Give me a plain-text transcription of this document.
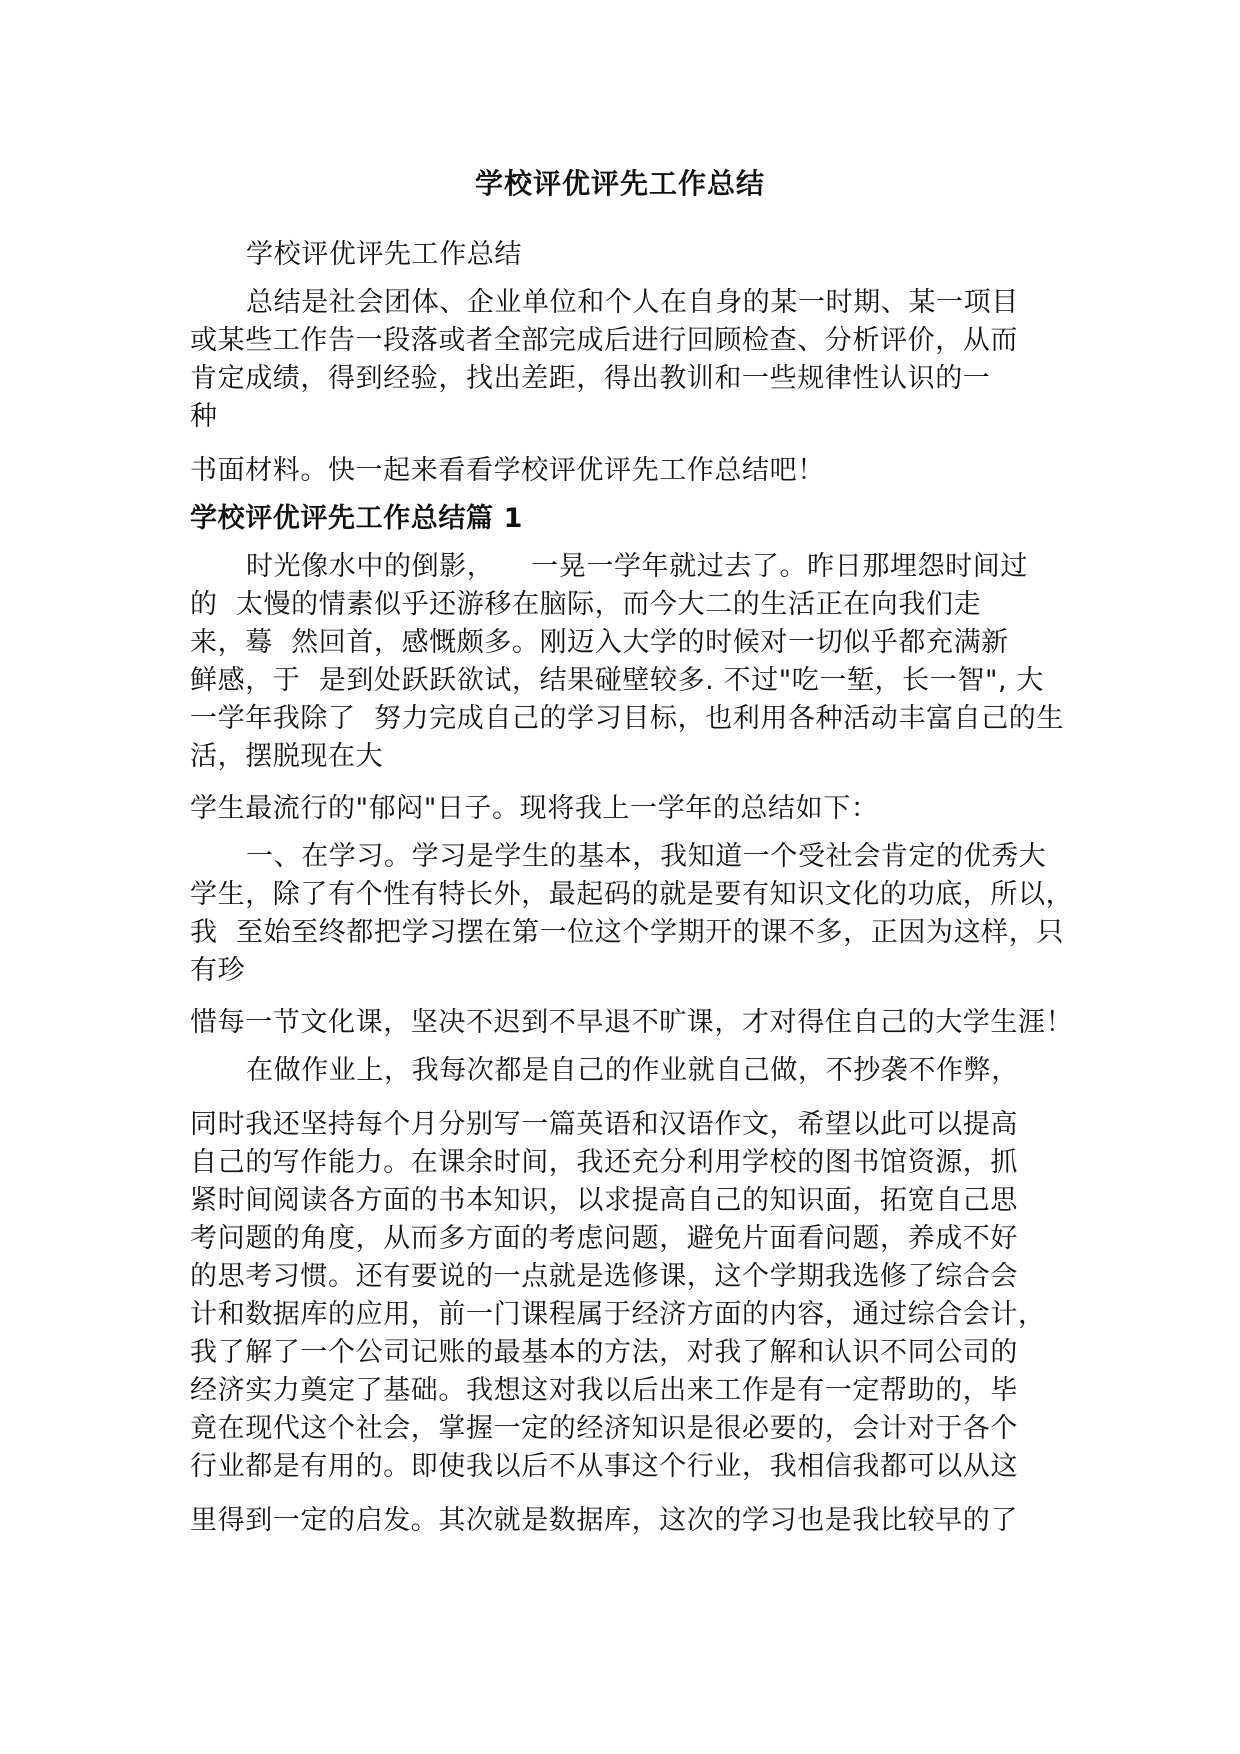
学校评优评先工作总结
学校评优评先工作总结
总结是社会团体、企业单位和个人在自身的某一时期、某一项目
或某些工作告一段落或者全部完成后进行回顾检查、分析评价，从而
肯定成绩，得到经验，找出差距，得出教训和一些规律性认识的一
种
书面材料。快一起来看看学校评优评先工作总结吧！
学校评优评先工作总结篇 1
时光像水中的倒影，    一晃一学年就过去了。昨日那埋怨时间过
的  太慢的情素似乎还游移在脑际，而今大二的生活正在向我们走
来，蓦  然回首，感慨颇多。刚迈入大学的时候对一切似乎都充满新
鲜感，于  是到处跃跃欲试，结果碰壁较多. 不过"吃一堑，长一智", 大
一学年我除了  努力完成自己的学习目标，也利用各种活动丰富自己的生
活，摆脱现在大
学生最流行的"郁闷"日子。现将我上一学年的总结如下：
一、在学习。学习是学生的基本，我知道一个受社会肯定的优秀大
学生，除了有个性有特长外，最起码的就是要有知识文化的功底，所以，
我  至始至终都把学习摆在第一位这个学期开的课不多，正因为这样，只
有珍
惜每一节文化课，坚决不迟到不早退不旷课，才对得住自己的大学生涯！
在做作业上，我每次都是自己的作业就自己做，不抄袭不作弊，
同时我还坚持每个月分别写一篇英语和汉语作文，希望以此可以提高
自己的写作能力。在课余时间，我还充分利用学校的图书馆资源，抓
紧时间阅读各方面的书本知识，以求提高自己的知识面，拓宽自己思
考问题的角度，从而多方面的考虑问题，避免片面看问题，养成不好
的思考习惯。还有要说的一点就是选修课，这个学期我选修了综合会
计和数据库的应用，前一门课程属于经济方面的内容，通过综合会计，
我了解了一个公司记账的最基本的方法，对我了解和认识不同公司的
经济实力奠定了基础。我想这对我以后出来工作是有一定帮助的，毕
竟在现代这个社会，掌握一定的经济知识是很必要的，会计对于各个
行业都是有用的。即使我以后不从事这个行业，我相信我都可以从这
里得到一定的启发。其次就是数据库，这次的学习也是我比较早的了
